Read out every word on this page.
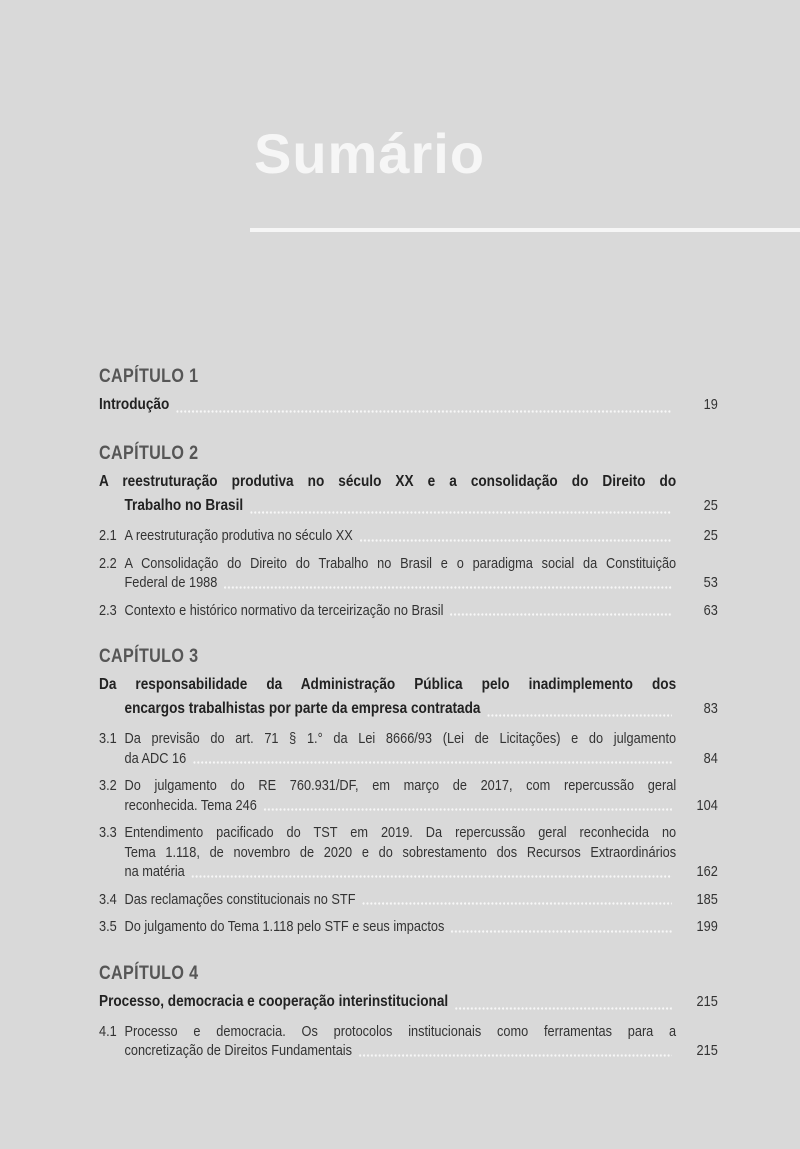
Sumário
CAPÍTULO 1
Introdução	19
CAPÍTULO 2
A reestruturação produtiva no século XX e a consolidação do Direito do
Trabalho no Brasil	25
2.1 A reestruturação produtiva no século XX	25
2.2 A Consolidação do Direito do Trabalho no Brasil e o paradigma social da Constituição
Federal de 1988	53
2.3 Contexto e histórico normativo da terceirização no Brasil	63
CAPÍTULO 3
Da responsabilidade da Administração Pública pelo inadimplemento dos
encargos trabalhistas por parte da empresa contratada	83
3.1 Da previsão do art. 71 § 1.° da Lei 8666/93 (Lei de Licitações) e do julgamento
da ADC 16	84
3.2 Do julgamento do RE 760.931/DF, em março de 2017, com repercussão geral
reconhecida. Tema 246	104
3.3 Entendimento pacificado do TST em 2019. Da repercussão geral reconhecida no
Tema 1.118, de novembro de 2020 e do sobrestamento dos Recursos Extraordinários
na matéria	162
3.4 Das reclamações constitucionais no STF	185
3.5 Do julgamento do Tema 1.118 pelo STF e seus impactos	199
CAPÍTULO 4
Processo, democracia e cooperação interinstitucional	215
4.1 Processo e democracia. Os protocolos institucionais como ferramentas para a
concretização de Direitos Fundamentais	215
